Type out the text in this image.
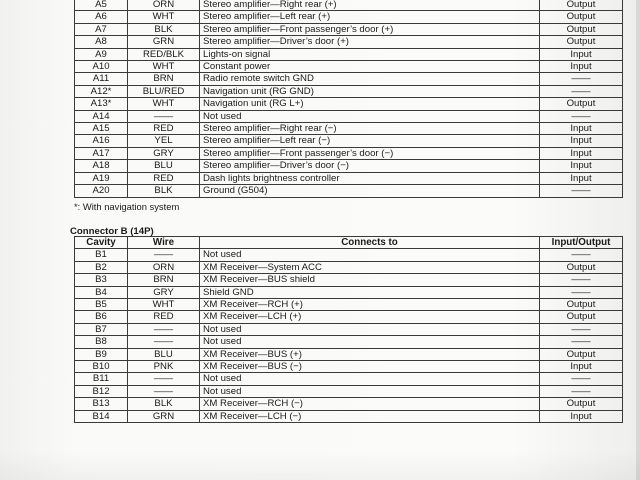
A5	ORN	Stereo amplifier—Right rear (+)	Output
A6	WHT	Stereo amplifier—Left rear (+)	Output
A7	BLK	Stereo amplifier—Front passenger’s door (+)	Output
A8	GRN	Stereo amplifier—Driver’s door (+)	Output
A9	RED/BLK	Lights-on signal	Input
A10	WHT	Constant power	Input
A11	BRN	Radio remote switch GND	——
A12*	BLU/RED	Navigation unit (RG GND)	——
A13*	WHT	Navigation unit (RG L+)	Output
A14	——	Not used	——
A15	RED	Stereo amplifier—Right rear (−)	Input
A16	YEL	Stereo amplifier—Left rear (−)	Input
A17	GRY	Stereo amplifier—Front passenger’s door (−)	Input
A18	BLU	Stereo amplifier—Driver’s door (−)	Input
A19	RED	Dash lights brightness controller	Input
A20	BLK	Ground (G504)	——
*: With navigation system
Connector B (14P)
Cavity	Wire	Connects to	Input/Output
B1	——	Not used	——
B2	ORN	XM Receiver—System ACC	Output
B3	BRN	XM Receiver—BUS shield	——
B4	GRY	Shield GND	——
B5	WHT	XM Receiver—RCH (+)	Output
B6	RED	XM Receiver—LCH (+)	Output
B7	——	Not used	——
B8	——	Not used	——
B9	BLU	XM Receiver—BUS (+)	Output
B10	PNK	XM Receiver—BUS (−)	Input
B11	——	Not used	——
B12	——	Not used	——
B13	BLK	XM Receiver—RCH (−)	Output
B14	GRN	XM Receiver—LCH (−)	Input
